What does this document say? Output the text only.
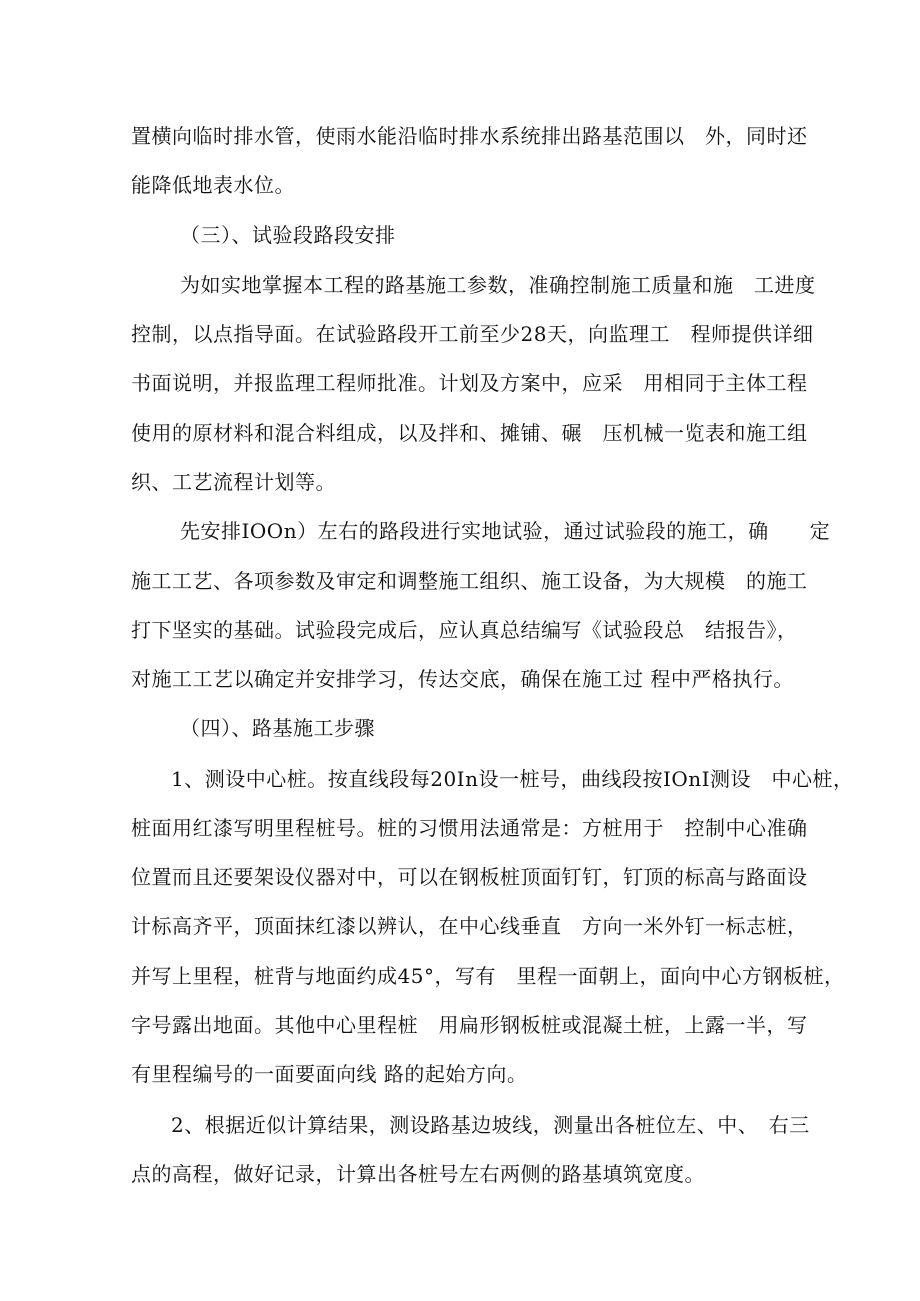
置横向临时排水管，使雨水能沿临时排水系统排出路基范围以　外，同时还
能降低地表水位。
（三）、试验段路段安排
为如实地掌握本工程的路基施工参数，准确控制施工质量和施　工进度
控制，以点指导面。在试验路段开工前至少28天，向监理工　程师提供详细
书面说明，并报监理工程师批准。计划及方案中，应采　用相同于主体工程
使用的原材料和混合料组成，以及拌和、摊铺、碾　压机械一览表和施工组
织、工艺流程计划等。
先安排IOOn）左右的路段进行实地试验，通过试验段的施工，确　　定
施工工艺、各项参数及审定和调整施工组织、施工设备，为大规模　的施工
打下坚实的基础。试验段完成后，应认真总结编写《试验段总　结报告》，
对施工工艺以确定并安排学习，传达交底，确保在施工过 程中严格执行。
（四）、路基施工步骤
1、测设中心桩。按直线段每20In设一桩号，曲线段按IOnI测设　中心桩，
桩面用红漆写明里程桩号。桩的习惯用法通常是：方桩用于　控制中心准确
位置而且还要架设仪器对中，可以在钢板桩顶面钉钉，钉顶的标高与路面设
计标高齐平，顶面抹红漆以辨认，在中心线垂直　方向一米外钉一标志桩，
并写上里程，桩背与地面约成45°，写有　里程一面朝上，面向中心方钢板桩，
字号露出地面。其他中心里程桩　用扁形钢板桩或混凝土桩，上露一半，写
有里程编号的一面要面向线 路的起始方向。
2、根据近似计算结果，测设路基边坡线，测量出各桩位左、中、　右三
点的高程，做好记录，计算出各桩号左右两侧的路基填筑宽度。
